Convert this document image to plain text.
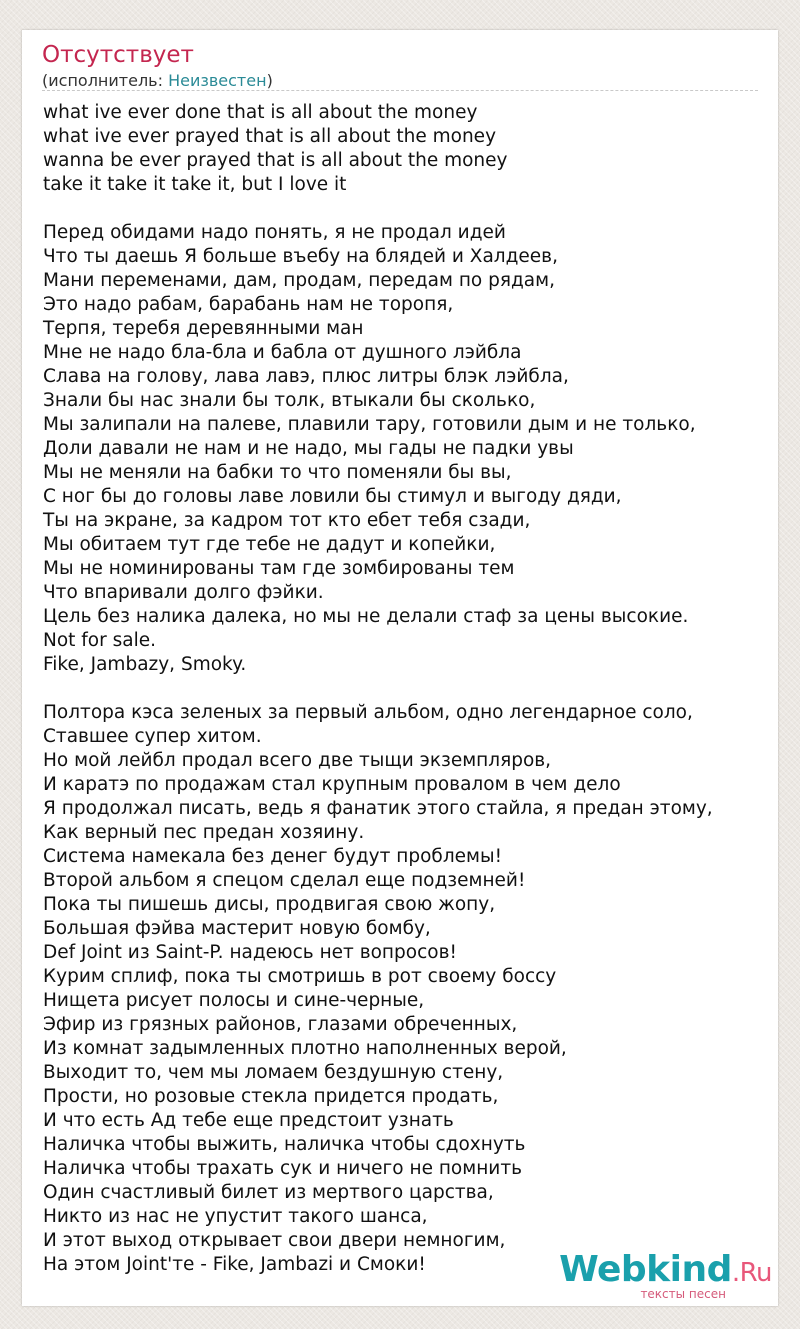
Отсутствует
(исполнитель: Неизвестен)
what ive ever done that is all about the money
what ive ever prayed that is all about the money
wanna be ever prayed that is all about the money
take it take it take it, but I love it
Перед обидами надо понять, я не продал идей
Что ты даешь Я больше въебу на блядей и Халдеев,
Мани переменами, дам, продам, передам по рядам,
Это надо рабам, барабань нам не торопя,
Терпя, теребя деревянными ман
Мне не надо бла-бла и бабла от душного лэйбла
Слава на голову, лава лавэ, плюс литры блэк лэйбла,
Знали бы нас знали бы толк, втыкали бы сколько,
Мы залипали на палеве, плавили тару, готовили дым и не только,
Доли давали не нам и не надо, мы гады не падки увы
Мы не меняли на бабки то что поменяли бы вы,
С ног бы до головы лаве ловили бы стимул и выгоду дяди,
Ты на экране, за кадром тот кто ебет тебя сзади,
Мы обитаем тут где тебе не дадут и копейки,
Мы не номинированы там где зомбированы тем
Что впаривали долго фэйки.
Цель без налика далека, но мы не делали стаф за цены высокие.
Not for sale.
Fike, Jambazy, Smoky.
Полтора кэса зеленых за первый альбом, одно легендарное соло,
Ставшее супер хитом.
Но мой лейбл продал всего две тыщи экземпляров,
И каратэ по продажам стал крупным провалом в чем дело
Я продолжал писать, ведь я фанатик этого стайла, я предан этому,
Как верный пес предан хозяину.
Система намекала без денег будут проблемы!
Второй альбом я спецом сделал еще подземней!
Пока ты пишешь дисы, продвигая свою жопу,
Большая фэйва мастерит новую бомбу,
Def Joint из Saint-P. надеюсь нет вопросов!
Курим сплиф, пока ты смотришь в рот своему боссу
Нищета рисует полосы и сине-черные,
Эфир из грязных районов, глазами обреченных,
Из комнат задымленных плотно наполненных верой,
Выходит то, чем мы ломаем бездушную стену,
Прости, но розовые стекла придется продать,
И что есть Ад тебе еще предстоит узнать
Наличка чтобы выжить, наличка чтобы сдохнуть
Наличка чтобы трахать сук и ничего не помнить
Один счастливый билет из мертвого царства,
Никто из нас не упустит такого шанса,
И этот выход открывает свои двери немногим,
На этом Joint'те - Fike, Jambazi и Смоки!	Webkind.Ru
тексты песен
